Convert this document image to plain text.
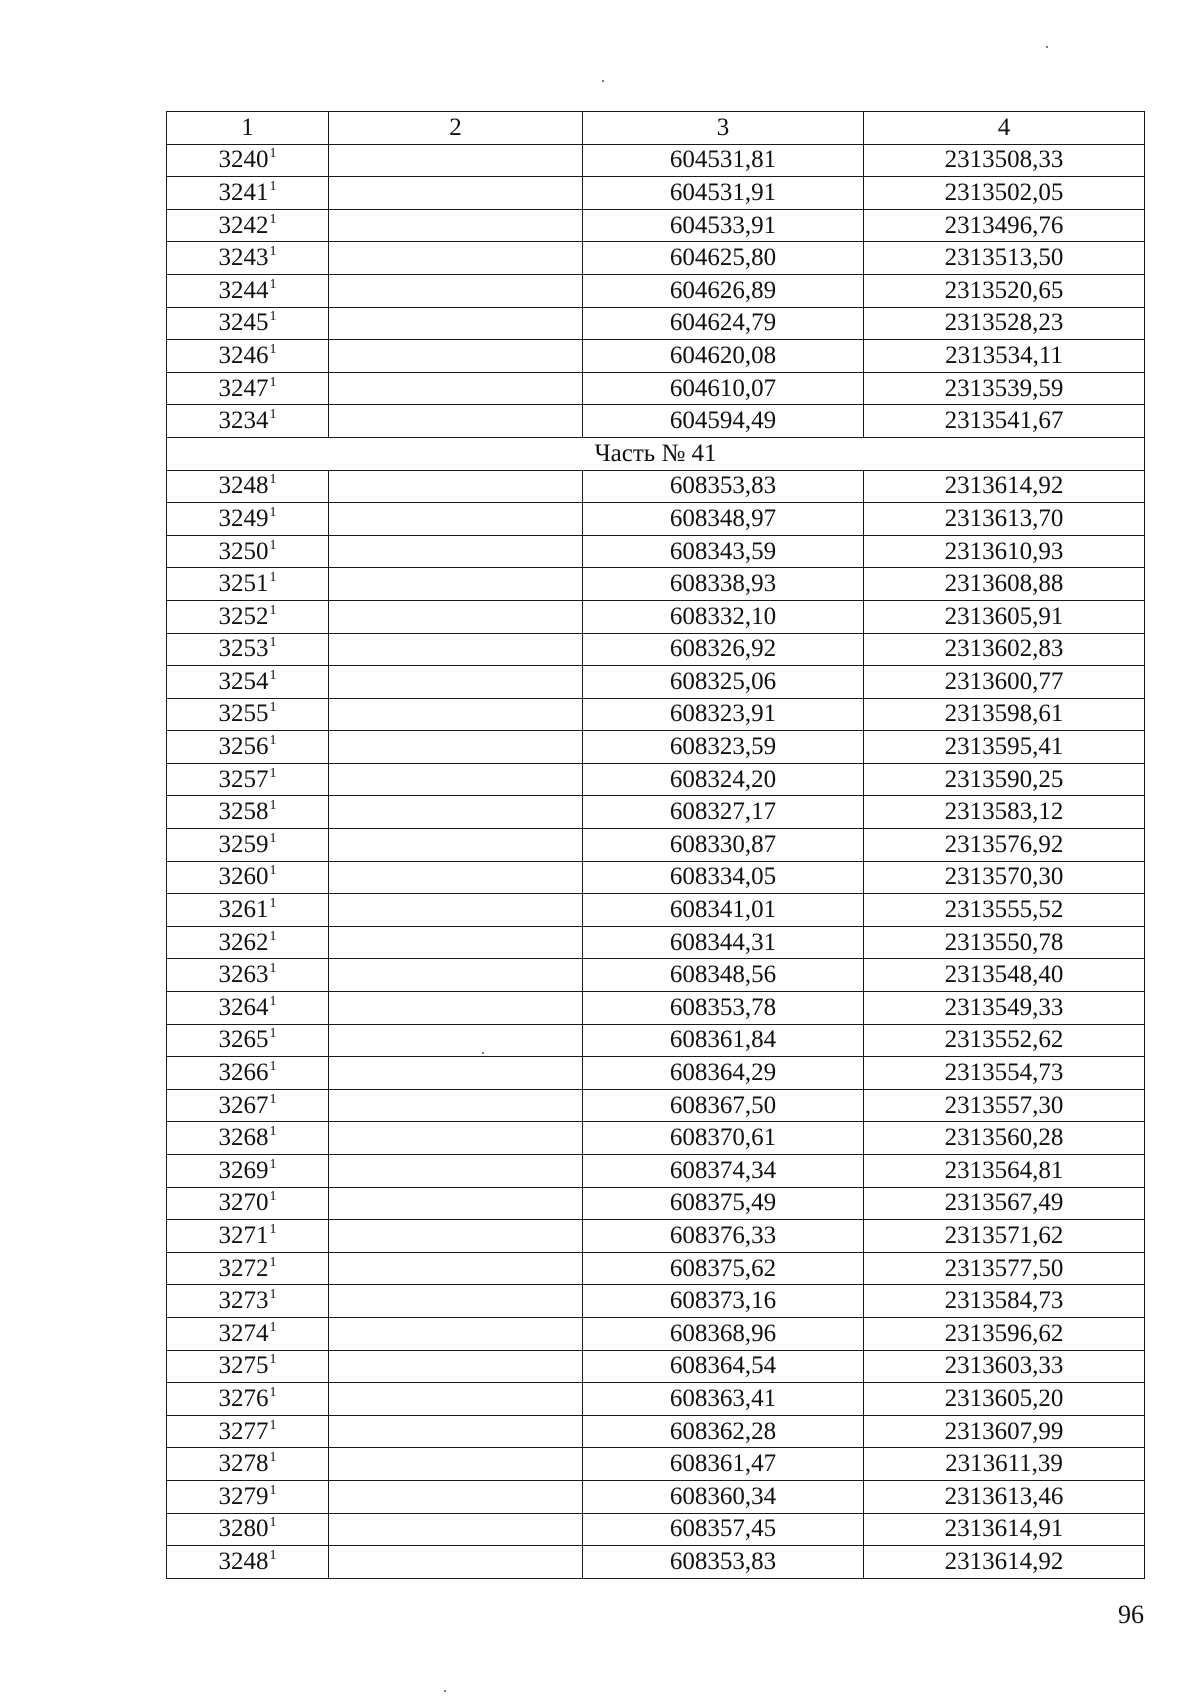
1	2	3	4
3240$^1$		604531,81	2313508,33
3241$^1$		604531,91	2313502,05
3242$^1$		604533,91	2313496,76
3243$^1$		604625,80	2313513,50
3244$^1$		604626,89	2313520,65
3245$^1$		604624,79	2313528,23
3246$^1$		604620,08	2313534,11
3247$^1$		604610,07	2313539,59
3234$^1$		604594,49	2313541,67
Часть № 41			
3248$^1$		608353,83	2313614,92
3249$^1$		608348,97	2313613,70
3250$^1$		608343,59	2313610,93
3251$^1$		608338,93	2313608,88
3252$^1$		608332,10	2313605,91
3253$^1$		608326,92	2313602,83
3254$^1$		608325,06	2313600,77
3255$^1$		608323,91	2313598,61
3256$^1$		608323,59	2313595,41
3257$^1$		608324,20	2313590,25
3258$^1$		608327,17	2313583,12
3259$^1$		608330,87	2313576,92
3260$^1$		608334,05	2313570,30
3261$^1$		608341,01	2313555,52
3262$^1$		608344,31	2313550,78
3263$^1$		608348,56	2313548,40
3264$^1$		608353,78	2313549,33
3265$^1$		608361,84	2313552,62
3266$^1$		608364,29	2313554,73
3267$^1$		608367,50	2313557,30
3268$^1$		608370,61	2313560,28
3269$^1$		608374,34	2313564,81
3270$^1$		608375,49	2313567,49
3271$^1$		608376,33	2313571,62
3272$^1$		608375,62	2313577,50
3273$^1$		608373,16	2313584,73
3274$^1$		608368,96	2313596,62
3275$^1$		608364,54	2313603,33
3276$^1$		608363,41	2313605,20
3277$^1$		608362,28	2313607,99
3278$^1$		608361,47	2313611,39
3279$^1$		608360,34	2313613,46
3280$^1$		608357,45	2313614,91
3248$^1$		608353,83	2313614,92
96
